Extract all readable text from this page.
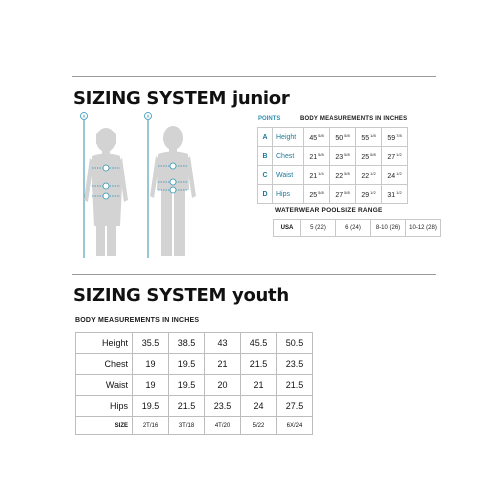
SIZING SYSTEM junior
A	A	POINTS	BODY MEASUREMENTS IN INCHES
A	Height	$45^{5/8}$	$50^{5/8}$	$55^{1/8}$	$59^{7/8}$
B	Chest	$21^{5/8}$	$23^{5/8}$	$25^{5/8}$	$27^{1/2}$
C	Waist	$21^{1/4}$	$22^{5/8}$	$22^{1/2}$	$24^{1/2}$
D	Hips	$25^{5/8}$	$27^{5/8}$	$29^{1/2}$	$31^{1/2}$
WATERWEAR POOLSIZE RANGE
USA	5 (22)	6 (24)	8-10 (26)	10-12 (28)
SIZING SYSTEM youth
BODY MEASUREMENTS IN INCHES
Height	35.5	38.5	43	45.5	50.5
Chest	19	19.5	21	21.5	23.5
Waist	19	19.5	20	21	21.5
Hips	19.5	21.5	23.5	24	27.5
SIZE	2T/16	3T/18	4T/20	5/22	6X/24
